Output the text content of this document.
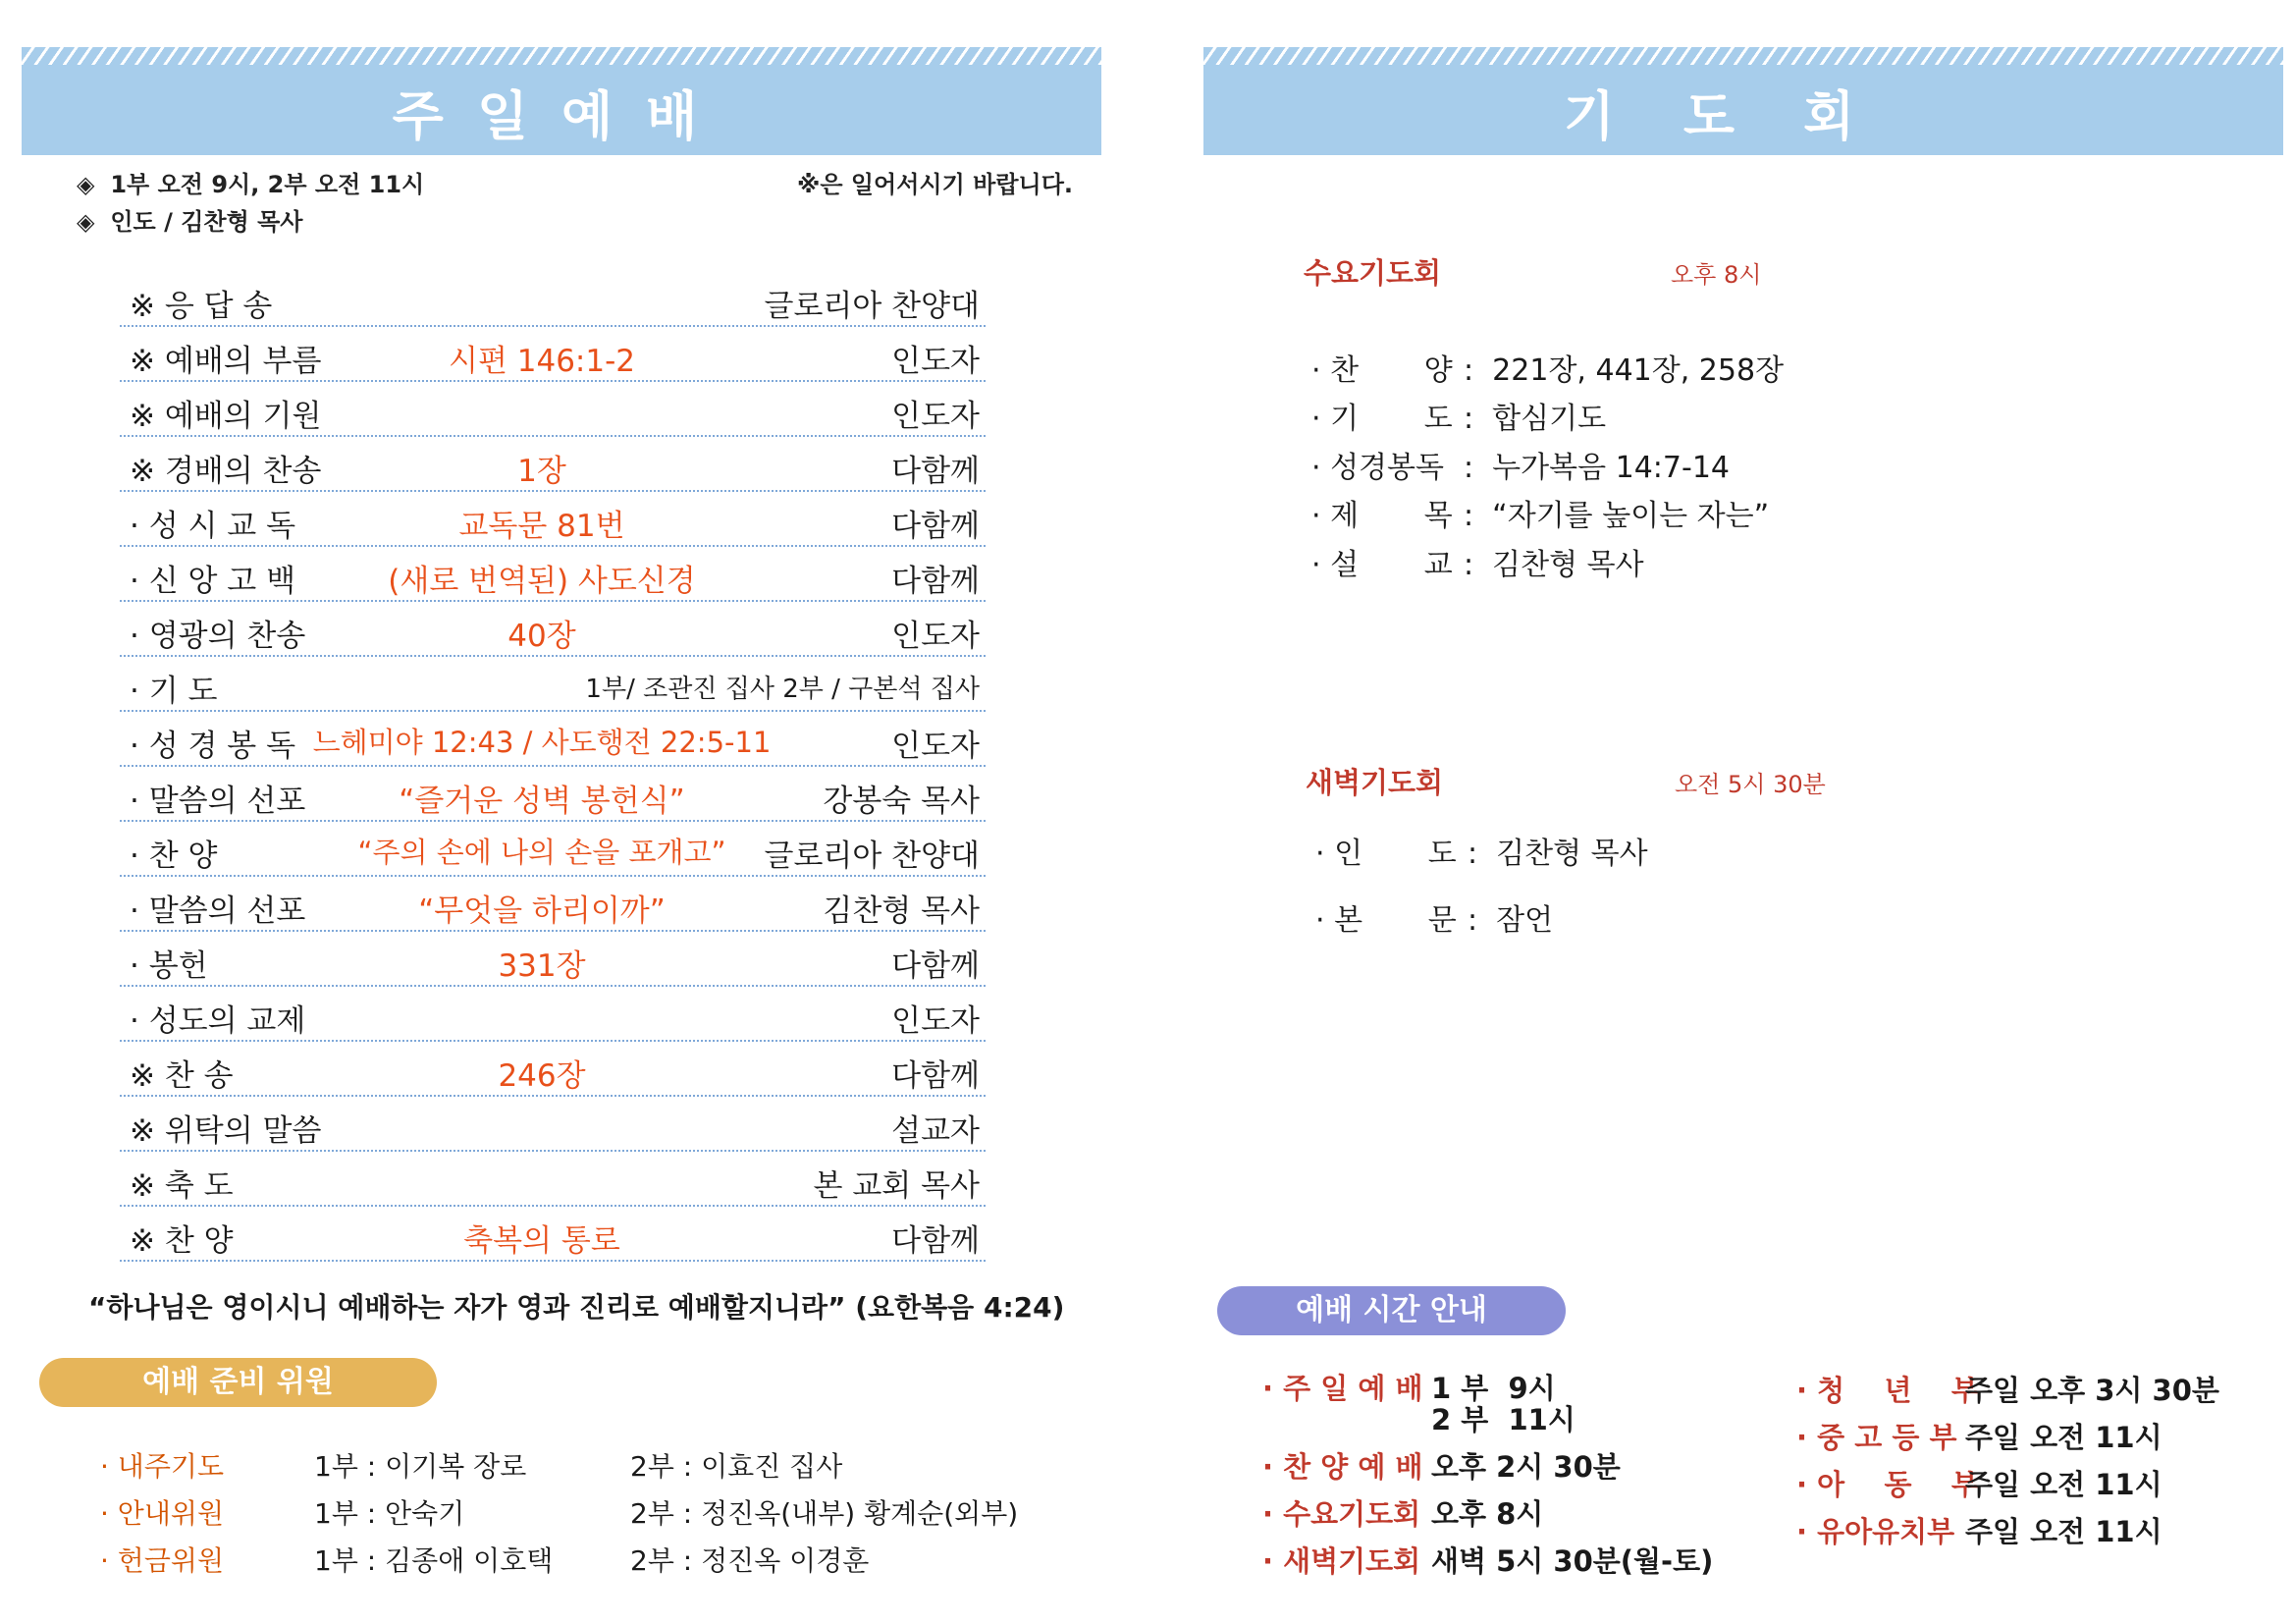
주일예배
◈ 1부 오전 9시, 2부 오전 11시
◈ 인도 / 김찬형 목사
※은 일어서시기 바랍니다.
※ 응 답 송	글로리아 찬양대
※ 예배의 부름	시편 146:1-2	인도자
※ 예배의 기원	인도자
※ 경배의 찬송	1장	다함께
· 성 시 교 독	교독문 81번	다함께
· 신 앙 고 백	(새로 번역된) 사도신경	다함께
· 영광의 찬송	40장	인도자
· 기 도	1부/ 조관진 집사 2부 / 구본석 집사
· 성 경 봉 독 느헤미야 12:43 / 사도행전 22:5-11	인도자
· 말씀의 선포	“즐거운 성벽 봉헌식”	강봉숙 목사
· 찬 양	“주의 손에 나의 손을 포개고”	글로리아 찬양대
· 말씀의 선포	“무엇을 하리이까”	김찬형 목사
· 봉헌	331장	다함께
· 성도의 교제	인도자
※ 찬 송	246장	다함께
※ 위탁의 말씀	설교자
※ 축 도	본 교회 목사
※ 찬 양	축복의 통로	다함께
“하나님은 영이시니 예배하는 자가 영과 진리로 예배할지니라” (요한복음 4:24)
예배 준비 위원
· 내주기도	1부 : 이기복 장로	2부 : 이효진 집사
· 안내위원	1부 : 안숙기	2부 : 정진옥(내부) 황계순(외부)
· 헌금위원	1부 : 김종애 이호택	2부 : 정진옥 이경훈
기도회
수요기도회	오후 8시
· 찬       양 :  221장, 441장, 258장
· 기       도 :  합심기도
· 성경봉독 :  누가복음 14:7-14
· 제       목 :  “자기를 높이는 자는”
· 설       교 :  김찬형 목사
새벽기도회	오전 5시 30분
· 인       도 :  김찬형 목사
· 본       문 :  잠언
예배 시간 안내
· 주 일 예 배 1 부  9시
2 부  11시
· 찬 양 예 배 오후 2시 30분
· 수요기도회 오후 8시
· 새벽기도회 새벽 5시 30분(월-토)
· 청    년    부주일 오후 3시 30분
· 중 고 등 부 주일 오전 11시
· 아    동    부주일 오전 11시
· 유아유치부 주일 오전 11시
